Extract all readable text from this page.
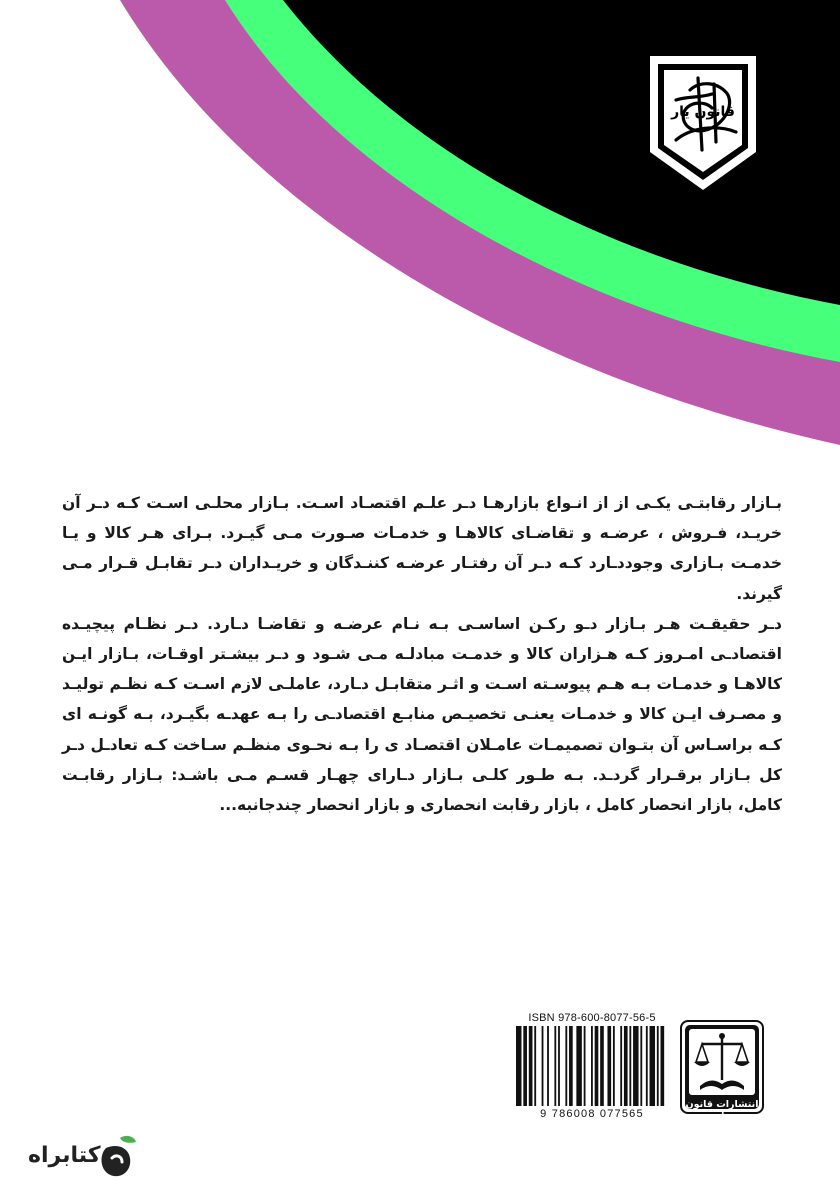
قانون یار

بـازار رقابتـی یکـی از از انـواع بازارهـا دـر علـم اقتصـاد اسـت. بـازار محلـی اسـت کـه دـر آن خریـد، فـروش ، عرضـه و تقاضـای کالاهـا و خدمـات صـورت مـی گیـرد. بـرای هـر کالا و یـا خدمـت بـازاری وجوددـارد کـه دـر آن رفتـار عرضـه کننـدگان و خریـداران دـر تقابـل قـرار مـی گیرند.

دـر حقیقـت هـر بـازار دـو رکـن اساسـی بـه نـام عرضـه و تقاضـا دـارد. دـر نظـام پیچیـده اقتصادـی امـروز کـه هـزاران کالا و خدمـت مبادلـه مـی شـود و دـر بیشـتر اوقـات، بـازار ایـن کالاهـا و خدمـات بـه هـم پیوسـته اسـت و اثـر متقابـل دـارد، عاملـی لازم اسـت کـه نظـم تولیـد و مصـرف ایـن کالا و خدمـات یعنـی تخصیـص منابـع اقتصادـی را بـه عهدـه بگیـرد، بـه گونـه ای کـه براسـاس آن بتـوان تصمیمـات عامـلان اقتصـاد ی را بـه نحـوی منظـم سـاخت کـه تعادـل دـر کل بـازار برقـرار گردـد. بـه طـور کلـی بـازار دـارای چهـار قسـم مـی باشـد: بـازار رقابـت کامل، بازار انحصار کامل ، بازار رقابت انحصاری و بازار انحصار چندجانبه...

ISBN 978-600-8077-56-5
9 786008 077565
انتشارات قانون یار
کتابراه
